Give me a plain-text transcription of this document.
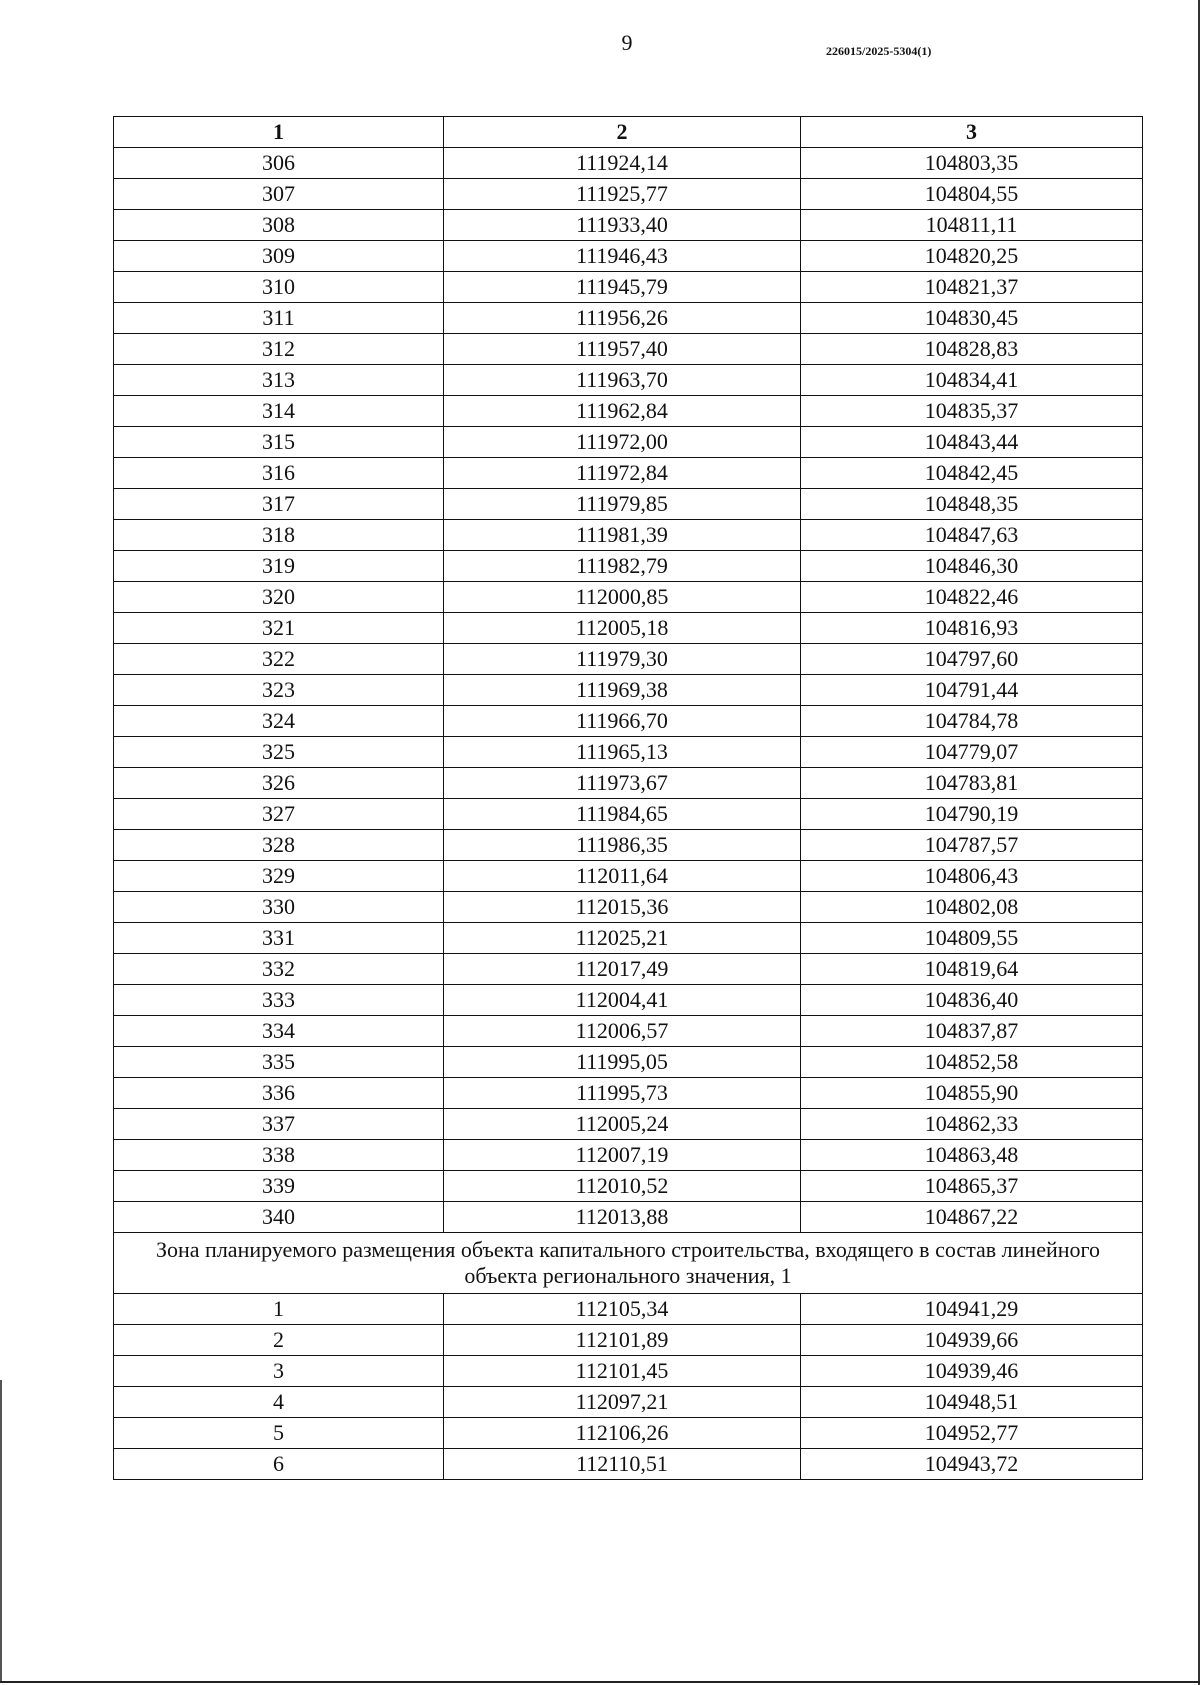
9	226015/2025-5304(1)
1	2	3
306	111924,14	104803,35
307	111925,77	104804,55
308	111933,40	104811,11
309	111946,43	104820,25
310	111945,79	104821,37
311	111956,26	104830,45
312	111957,40	104828,83
313	111963,70	104834,41
314	111962,84	104835,37
315	111972,00	104843,44
316	111972,84	104842,45
317	111979,85	104848,35
318	111981,39	104847,63
319	111982,79	104846,30
320	112000,85	104822,46
321	112005,18	104816,93
322	111979,30	104797,60
323	111969,38	104791,44
324	111966,70	104784,78
325	111965,13	104779,07
326	111973,67	104783,81
327	111984,65	104790,19
328	111986,35	104787,57
329	112011,64	104806,43
330	112015,36	104802,08
331	112025,21	104809,55
332	112017,49	104819,64
333	112004,41	104836,40
334	112006,57	104837,87
335	111995,05	104852,58
336	111995,73	104855,90
337	112005,24	104862,33
338	112007,19	104863,48
339	112010,52	104865,37
340	112013,88	104867,22
Зона планируемого размещения объекта капитального строительства, входящего в состав линейного объекта регионального значения, 1		
1	112105,34	104941,29
2	112101,89	104939,66
3	112101,45	104939,46
4	112097,21	104948,51
5	112106,26	104952,77
6	112110,51	104943,72
